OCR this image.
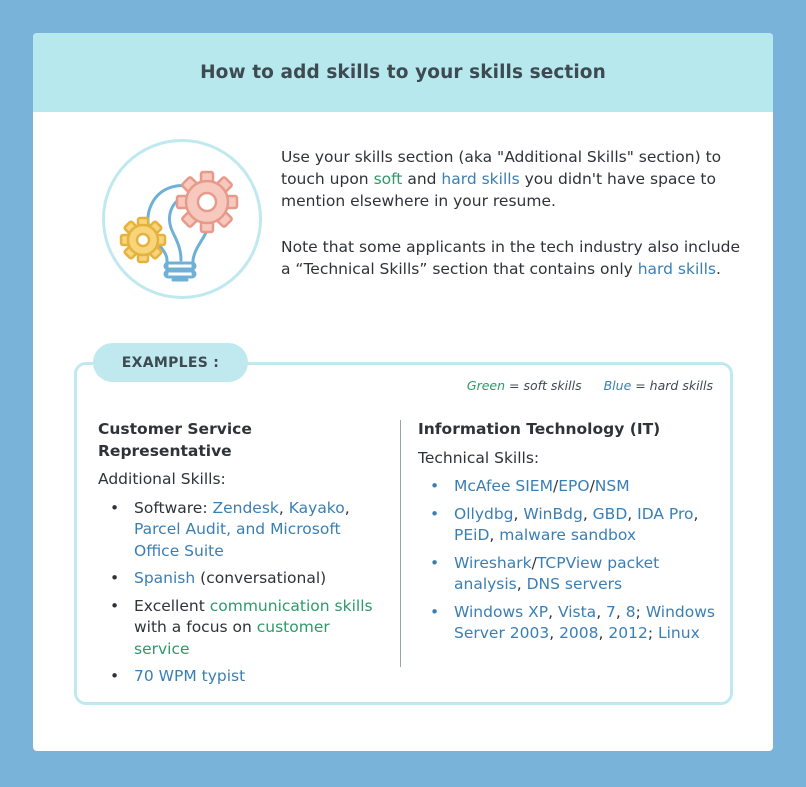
How to add skills to your skills section

Use your skills section (aka "Additional Skills" section) to touch upon soft and hard skills you didn't have space to mention elsewhere in your resume.

Note that some applicants in the tech industry also include a “Technical Skills” section that contains only hard skills.

EXAMPLES :
Green = soft skills Blue = hard skills
Customer Service Representative
Additional Skills:
• Software: Zendesk, Kayako,
Parcel Audit, and Microsoft Office Suite
• Spanish (conversational)
• Excellent communication skills with a focus on customer service
• 70 WPM typist
Information Technology (IT)
Technical Skills:
• McAfee SIEM/EPO/NSM
• Ollydbg, WinBdg, GBD, IDA Pro, PEiD, malware sandbox
• Wireshark/TCPView packet analysis, DNS servers
• Windows XP, Vista, 7, 8; Windows Server 2003, 2008, 2012; Linux
